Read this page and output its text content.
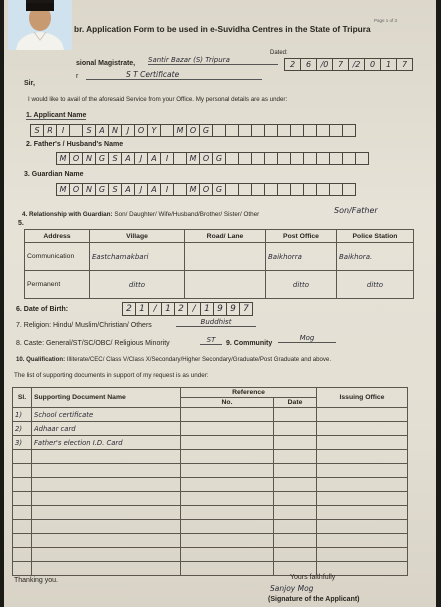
Page 1 of 3
br. Application Form to be used in e-Suvidha Centres in the State of Tripura
Dated:
2	6	/0	7	/2	0	1	7
sional Magistrate, Santir Bazar (S) Tripura
r	S T Certificate
Sir,
I would like to avail of the aforesaid Service from your Office. My personal details are as under:
1. Applicant Name
S R	I	S A N	J	O Y	M O G
2. Father's / Husband's Name
M O N G S A	J	A	I	M O G
3. Guardian Name
M O N G S A	J	A	I	M O G
4. Relationship with Guardian: Son/ Daughter/ Wife/Husband/Brother/ Sister/ Other	Son/Father
5.
Address	Village	Road/ Lane	Post Office	Police Station
Communication	Eastchamakbari		Baikhorra	Baikhora.
Permanent	ditto		ditto	ditto
6. Date of Birth:	2 1 / 1 2 / 1 9 9 7
7. Religion: Hindu/ Muslim/Christian/ Others	Buddhist
8. Caste: General/ST/SC/OBC/ Religious Minority	ST	9. Community
Mog
10. Qualification: Illiterate/CEC/ Class V/Class X/Secondary/Higher Secondary/Graduate/Post Graduate and above.
The list of supporting documents in support of my request is as under:
Sl.	Supporting Document Name	Reference		Issuing Office
		No.	Date	
1)	School certificate			
2)	Adhaar card			
3)	Father's election I.D. Card			

Thanking you.	Yours faithfully
Sanjoy Mog
(Signature of the Applicant)
